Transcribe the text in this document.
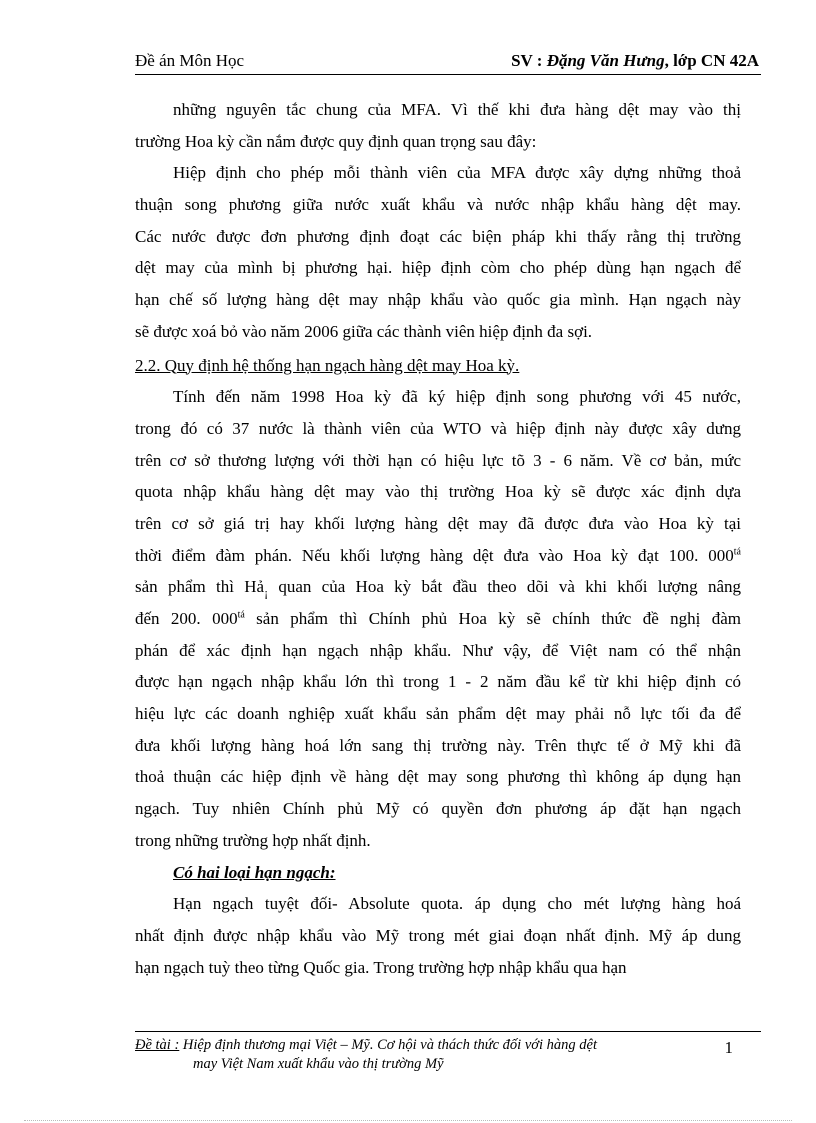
Đề án Môn Học	SV : Đặng Văn Hưng, lớp CN 42A
những nguyên tắc chung của MFA. Vì thế khi đưa hàng dệt may vào thị
trường Hoa kỳ cần nắm được quy định quan trọng sau đây:
Hiệp định cho phép mỗi thành viên của MFA được xây dựng những thoả
thuận song phương giữa nước xuất khẩu và nước nhập khẩu hàng dệt may.
Các nước được đơn phương định đoạt các biện pháp khi thấy rằng thị trường
dệt may của mình bị phương hại. hiệp định còm cho phép dùng hạn ngạch để
hạn chế số lượng hàng dệt may nhập khẩu vào quốc gia mình. Hạn ngạch này
sẽ được xoá bỏ vào năm 2006 giữa các thành viên hiệp định đa sợi.
2.2. Quy định hệ thống hạn ngạch hàng dệt may Hoa kỳ.
Tính đến năm 1998 Hoa kỳ đã ký hiệp định song phương với 45 nước,
trong đó có 37 nước là thành viên của WTO và hiệp định này được xây dưng
trên cơ sở thương lượng với thời hạn có hiệu lực tõ 3 - 6 năm. Về cơ bản, mức
quota nhập khẩu hàng dệt may vào thị trường Hoa kỳ sẽ được xác định dựa
trên cơ sở giá trị hay khối lượng hàng dệt may đã được đưa vào Hoa kỳ tại
thời điểm đàm phán. Nếu khối lượng hàng dệt đưa vào Hoa kỳ đạt 100. $000^{tá}$
sản phẩm thì Hả$_¡$ quan của Hoa kỳ bắt đầu theo dõi và khi khối lượng nâng
đến 200. $000^{tá}$ sản phẩm thì Chính phủ Hoa kỳ sẽ chính thức đề nghị đàm
phán để xác định hạn ngạch nhập khẩu. Như vậy, để Việt nam có thể nhận
được hạn ngạch nhập khẩu lớn thì trong 1 - 2 năm đầu kể từ khi hiệp định có
hiệu lực các doanh nghiệp xuất khẩu sản phẩm dệt may phải nỗ lực tối đa để
đưa khối lượng hàng hoá lớn sang thị trường này. Trên thực tế ở Mỹ khi đã
thoả thuận các hiệp định về hàng dệt may song phương thì không áp dụng hạn
ngạch. Tuy nhiên Chính phủ Mỹ có quyền đơn phương áp đặt hạn ngạch
trong những trường hợp nhất định.
Có hai loại hạn ngạch:
Hạn ngạch tuyệt đối- Absolute quota. áp dụng cho mét lượng hàng hoá
nhất định được nhập khẩu vào Mỹ trong mét giai đoạn nhất định. Mỹ áp dung
hạn ngạch tuỳ theo từng Quốc gia. Trong trường hợp nhập khẩu qua hạn
Đề tài : Hiệp định thương mại Việt – Mỹ. Cơ hội và thách thức đối với hàng dệt
may Việt Nam xuất khẩu vào thị trường Mỹ
1
